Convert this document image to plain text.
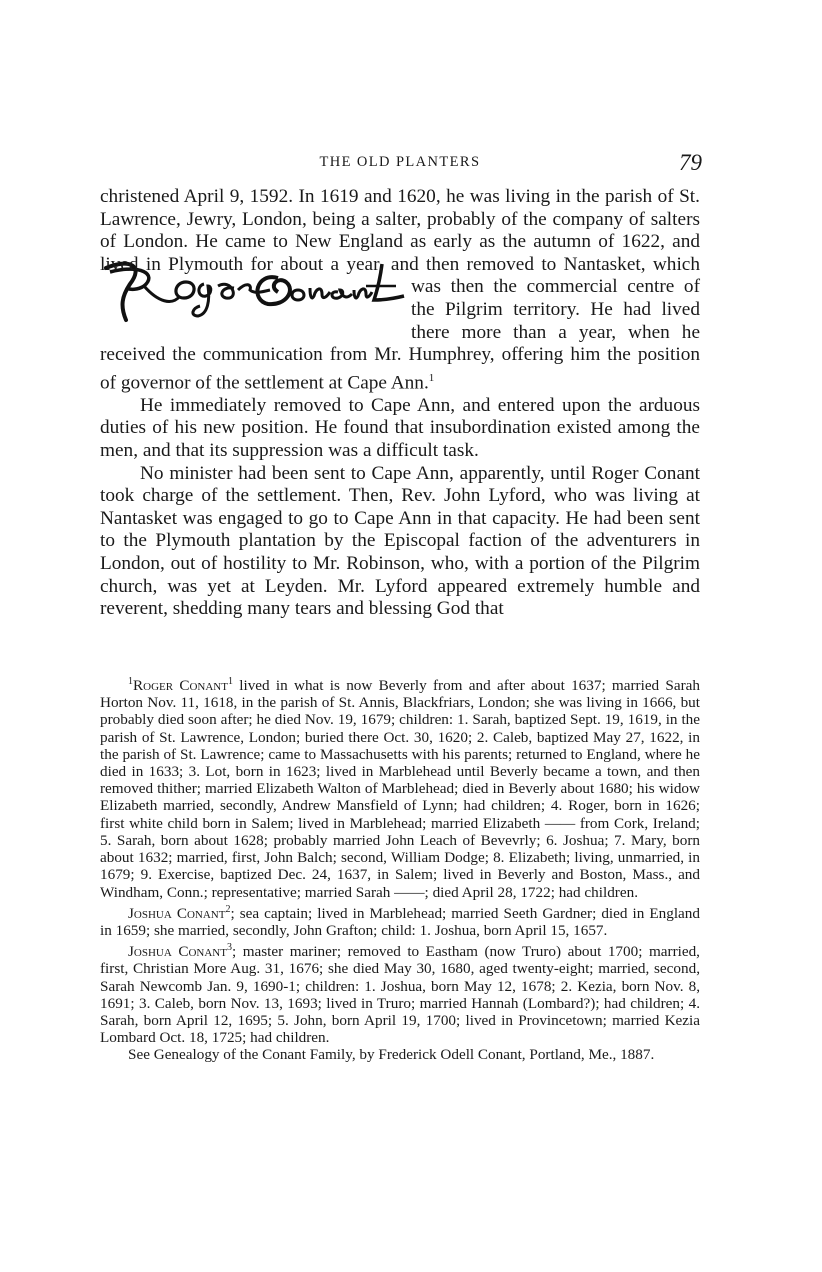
THE OLD PLANTERS	79

christened April 9, 1592. In 1619 and 1620, he was living in the parish of St. Lawrence, Jewry, London, being a salter, probably of the company of salters of London. He came to New England as early as the autumn of 1622, and lived in Plymouth for about a year, and then removed to Nantasket, which was then the commercial centre of the Pilgrim territory. He had lived there more than a year, when he received the communication from Mr. Humphrey, offering him the position of governor of the settlement at Cape Ann.$^1$

He immediately removed to Cape Ann, and entered upon the arduous duties of his new position. He found that insubordination existed among the men, and that its suppression was a difficult task.

No minister had been sent to Cape Ann, apparently, until Roger Conant took charge of the settlement. Then, Rev. John Lyford, who was living at Nantasket was engaged to go to Cape Ann in that capacity. He had been sent to the Plymouth plantation by the Episcopal faction of the adventurers in London, out of hostility to Mr. Robinson, who, with a portion of the Pilgrim church, was yet at Leyden. Mr. Lyford appeared extremely humble and reverent, shedding many tears and blessing God that

$^1$Roger Conant$^1$ lived in what is now Beverly from and after about 1637; married Sarah Horton Nov. 11, 1618, in the parish of St. Annis, Blackfriars, London; she was living in 1666, but probably died soon after; he died Nov. 19, 1679; children: 1. Sarah, baptized Sept. 19, 1619, in the parish of St. Lawrence, London; buried there Oct. 30, 1620; 2. Caleb, baptized May 27, 1622, in the parish of St. Lawrence; came to Massachusetts with his parents; returned to England, where he died in 1633; 3. Lot, born in 1623; lived in Marblehead until Beverly became a town, and then removed thither; married Elizabeth Walton of Marblehead; died in Beverly about 1680; his widow Elizabeth married, secondly, Andrew Mansfield of Lynn; had children; 4. Roger, born in 1626; first white child born in Salem; lived in Marblehead; married Elizabeth —— from Cork, Ireland; 5. Sarah, born about 1628; probably married John Leach of Bevevrly; 6. Joshua; 7. Mary, born about 1632; married, first, John Balch; second, William Dodge; 8. Elizabeth; living, unmarried, in 1679; 9. Exercise, baptized Dec. 24, 1637, in Salem; lived in Beverly and Boston, Mass., and Windham, Conn.; representative; married Sarah ——; died April 28, 1722; had children.

Joshua Conant$^2$; sea captain; lived in Marblehead; married Seeth Gardner; died in England in 1659; she married, secondly, John Grafton; child: 1. Joshua, born April 15, 1657.

Joshua Conant$^3$; master mariner; removed to Eastham (now Truro) about 1700; married, first, Christian More Aug. 31, 1676; she died May 30, 1680, aged twenty-eight; married, second, Sarah Newcomb Jan. 9, 1690-1; children: 1. Joshua, born May 12, 1678; 2. Kezia, born Nov. 8, 1691; 3. Caleb, born Nov. 13, 1693; lived in Truro; married Hannah (Lombard?); had children; 4. Sarah, born April 12, 1695; 5. John, born April 19, 1700; lived in Provincetown; married Kezia Lombard Oct. 18, 1725; had children.

See Genealogy of the Conant Family, by Frederick Odell Conant, Portland, Me., 1887.
